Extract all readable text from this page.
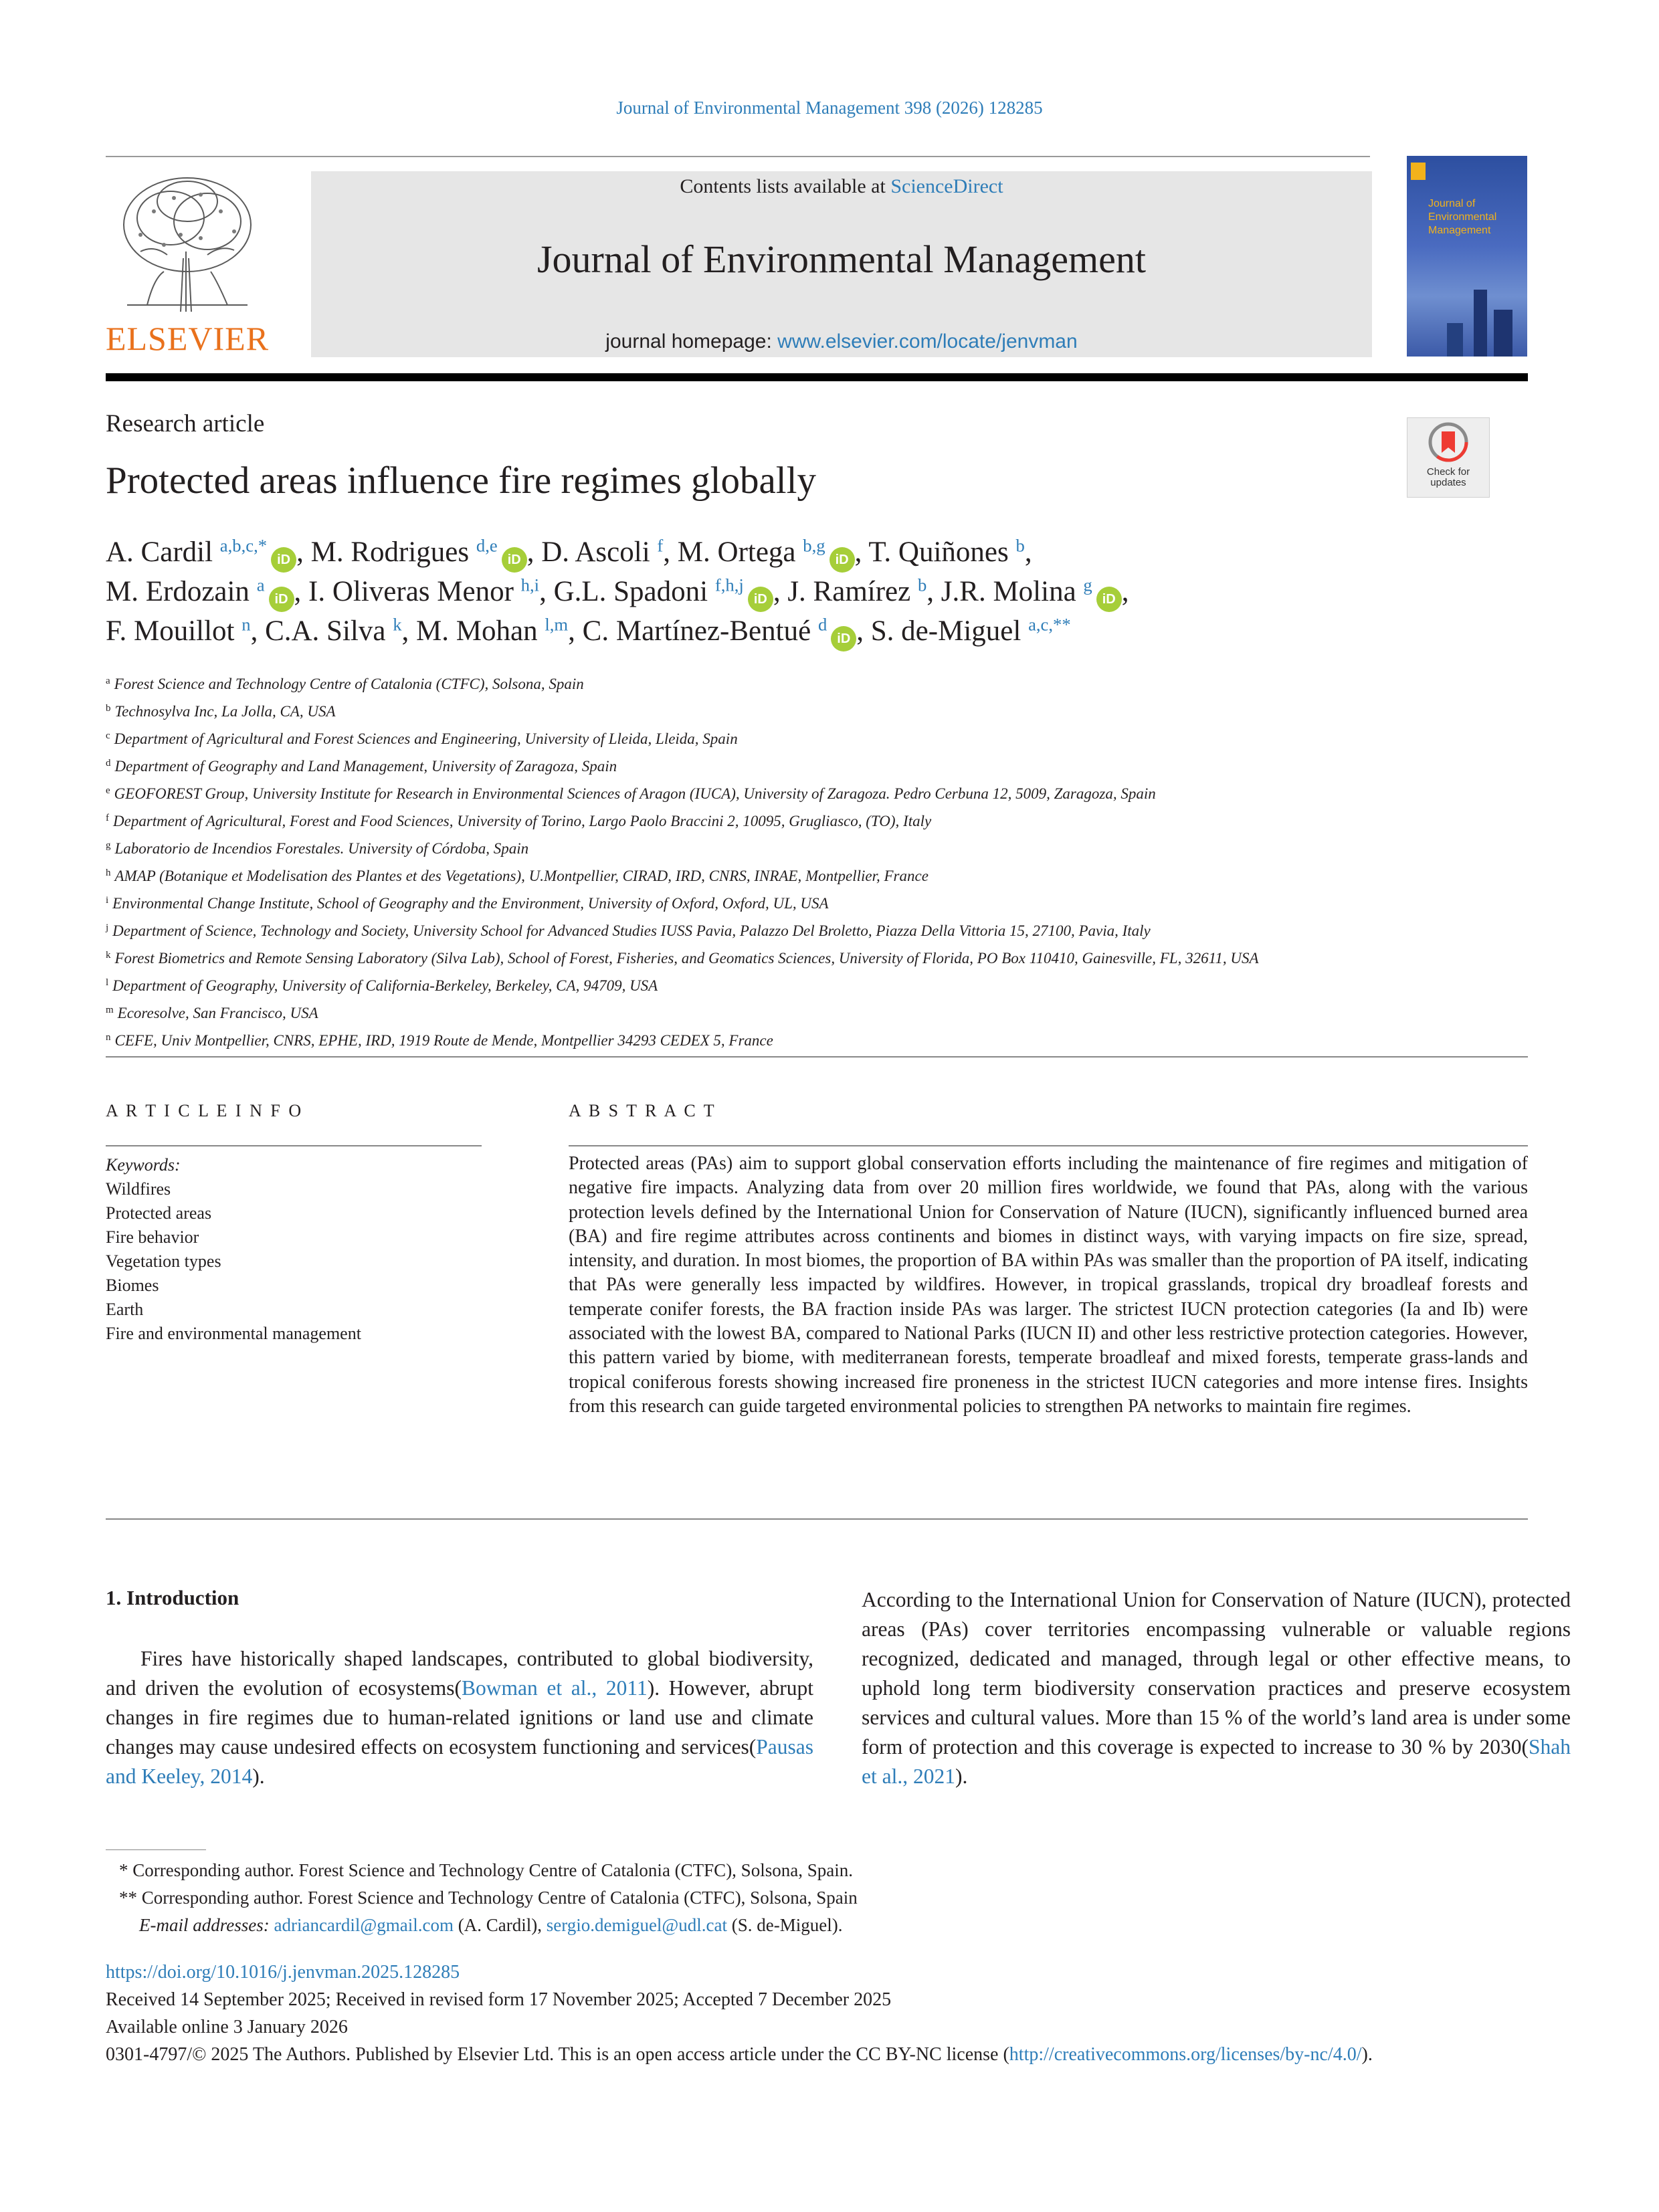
Journal of Environmental Management 398 (2026) 128285
ELSEVIER
Contents lists available at ScienceDirect
Journal of Environmental Management
journal homepage: www.elsevier.com/locate/jenvman
Journal of Environmental Management
Research article
Check for
updates
Protected areas influence fire regimes globally
A. Cardil $^{a,b,c,*}$iD , M. Rodrigues $^{d,e}$iD , D. Ascoli $^f$, M. Ortega $^{b,g}$iD , T. Quiñones $^b$,
M. Erdozain $^a$iD , I. Oliveras Menor $^{h,i}$, G.L. Spadoni $^{f,h,j}$iD , J. Ramírez $^b$, J.R. Molina $^g$iD ,
F. Mouillot $^n$, C.A. Silva $^k$, M. Mohan $^{l,m}$, C. Martínez-Bentué $^d$iD , S. de-Miguel $^{a,c,**}$

$^a$ Forest Science and Technology Centre of Catalonia (CTFC), Solsona, Spain

$^b$ Technosylva Inc, La Jolla, CA, USA

$^c$ Department of Agricultural and Forest Sciences and Engineering, University of Lleida, Lleida, Spain

$^d$ Department of Geography and Land Management, University of Zaragoza, Spain

$^e$ GEOFOREST Group, University Institute for Research in Environmental Sciences of Aragon (IUCA), University of Zaragoza. Pedro Cerbuna 12, 5009, Zaragoza, Spain

$^f$ Department of Agricultural, Forest and Food Sciences, University of Torino, Largo Paolo Braccini 2, 10095, Grugliasco, (TO), Italy

$^g$ Laboratorio de Incendios Forestales. University of Córdoba, Spain

$^h$ AMAP (Botanique et Modelisation des Plantes et des Vegetations), U.Montpellier, CIRAD, IRD, CNRS, INRAE, Montpellier, France

$^i$ Environmental Change Institute, School of Geography and the Environment, University of Oxford, Oxford, UL, USA

$^j$ Department of Science, Technology and Society, University School for Advanced Studies IUSS Pavia, Palazzo Del Broletto, Piazza Della Vittoria 15, 27100, Pavia, Italy

$^k$ Forest Biometrics and Remote Sensing Laboratory (Silva Lab), School of Forest, Fisheries, and Geomatics Sciences, University of Florida, PO Box 110410, Gainesville, FL, 32611, USA

$^l$ Department of Geography, University of California-Berkeley, Berkeley, CA, 94709, USA

$^m$ Ecoresolve, San Francisco, USA

$^n$ CEFE, Univ Montpellier, CNRS, EPHE, IRD, 1919 Route de Mende, Montpellier 34293 CEDEX 5, France

A R T I C L E I N F O
Keywords:
Wildfires
Protected areas
Fire behavior
Vegetation types
Biomes
Earth
Fire and environmental management
A B S T R A C T
Protected areas (PAs) aim to support global conservation efforts including the maintenance of fire regimes and mitigation of negative fire impacts. Analyzing data from over 20 million fires worldwide, we found that PAs, along with the various protection levels defined by the International Union for Conservation of Nature (IUCN), significantly influenced burned area (BA) and fire regime attributes across continents and biomes in distinct ways, with varying impacts on fire size, spread, intensity, and duration. In most biomes, the proportion of BA within PAs was smaller than the proportion of PA itself, indicating that PAs were generally less impacted by wildfires. However, in tropical grasslands, tropical dry broadleaf forests and temperate conifer forests, the BA fraction inside PAs was larger. The strictest IUCN protection categories (Ia and Ib) were associated with the lowest BA, compared to National Parks (IUCN II) and other less restrictive protection categories. However, this pattern varied by biome, with mediterranean forests, temperate broadleaf and mixed forests, temperate grass-lands and tropical coniferous forests showing increased fire proneness in the strictest IUCN categories and more intense fires. Insights from this research can guide targeted environmental policies to strengthen PA networks to maintain fire regimes.
1. Introduction
Fires have historically shaped landscapes, contributed to global biodiversity, and driven the evolution of ecosystems(Bowman et al., 2011). However, abrupt changes in fire regimes due to human-related ignitions or land use and climate changes may cause undesired effects on ecosystem functioning and services(Pausas and Keeley, 2014).
According to the International Union for Conservation of Nature (IUCN), protected areas (PAs) cover territories encompassing vulnerable or valuable regions recognized, dedicated and managed, through legal or other effective means, to uphold long term biodiversity conservation practices and preserve ecosystem services and cultural values. More than 15 % of the world’s land area is under some form of protection and this coverage is expected to increase to 30 % by 2030(Shah et al., 2021).
* Corresponding author. Forest Science and Technology Centre of Catalonia (CTFC), Solsona, Spain.
** Corresponding author. Forest Science and Technology Centre of Catalonia (CTFC), Solsona, Spain
E-mail addresses: adriancardil@gmail.com (A. Cardil), sergio.demiguel@udl.cat (S. de-Miguel).
https://doi.org/10.1016/j.jenvman.2025.128285
Received 14 September 2025; Received in revised form 17 November 2025; Accepted 7 December 2025
Available online 3 January 2026
0301-4797/© 2025 The Authors. Published by Elsevier Ltd. This is an open access article under the CC BY-NC license (http://creativecommons.org/licenses/by-nc/4.0/).
